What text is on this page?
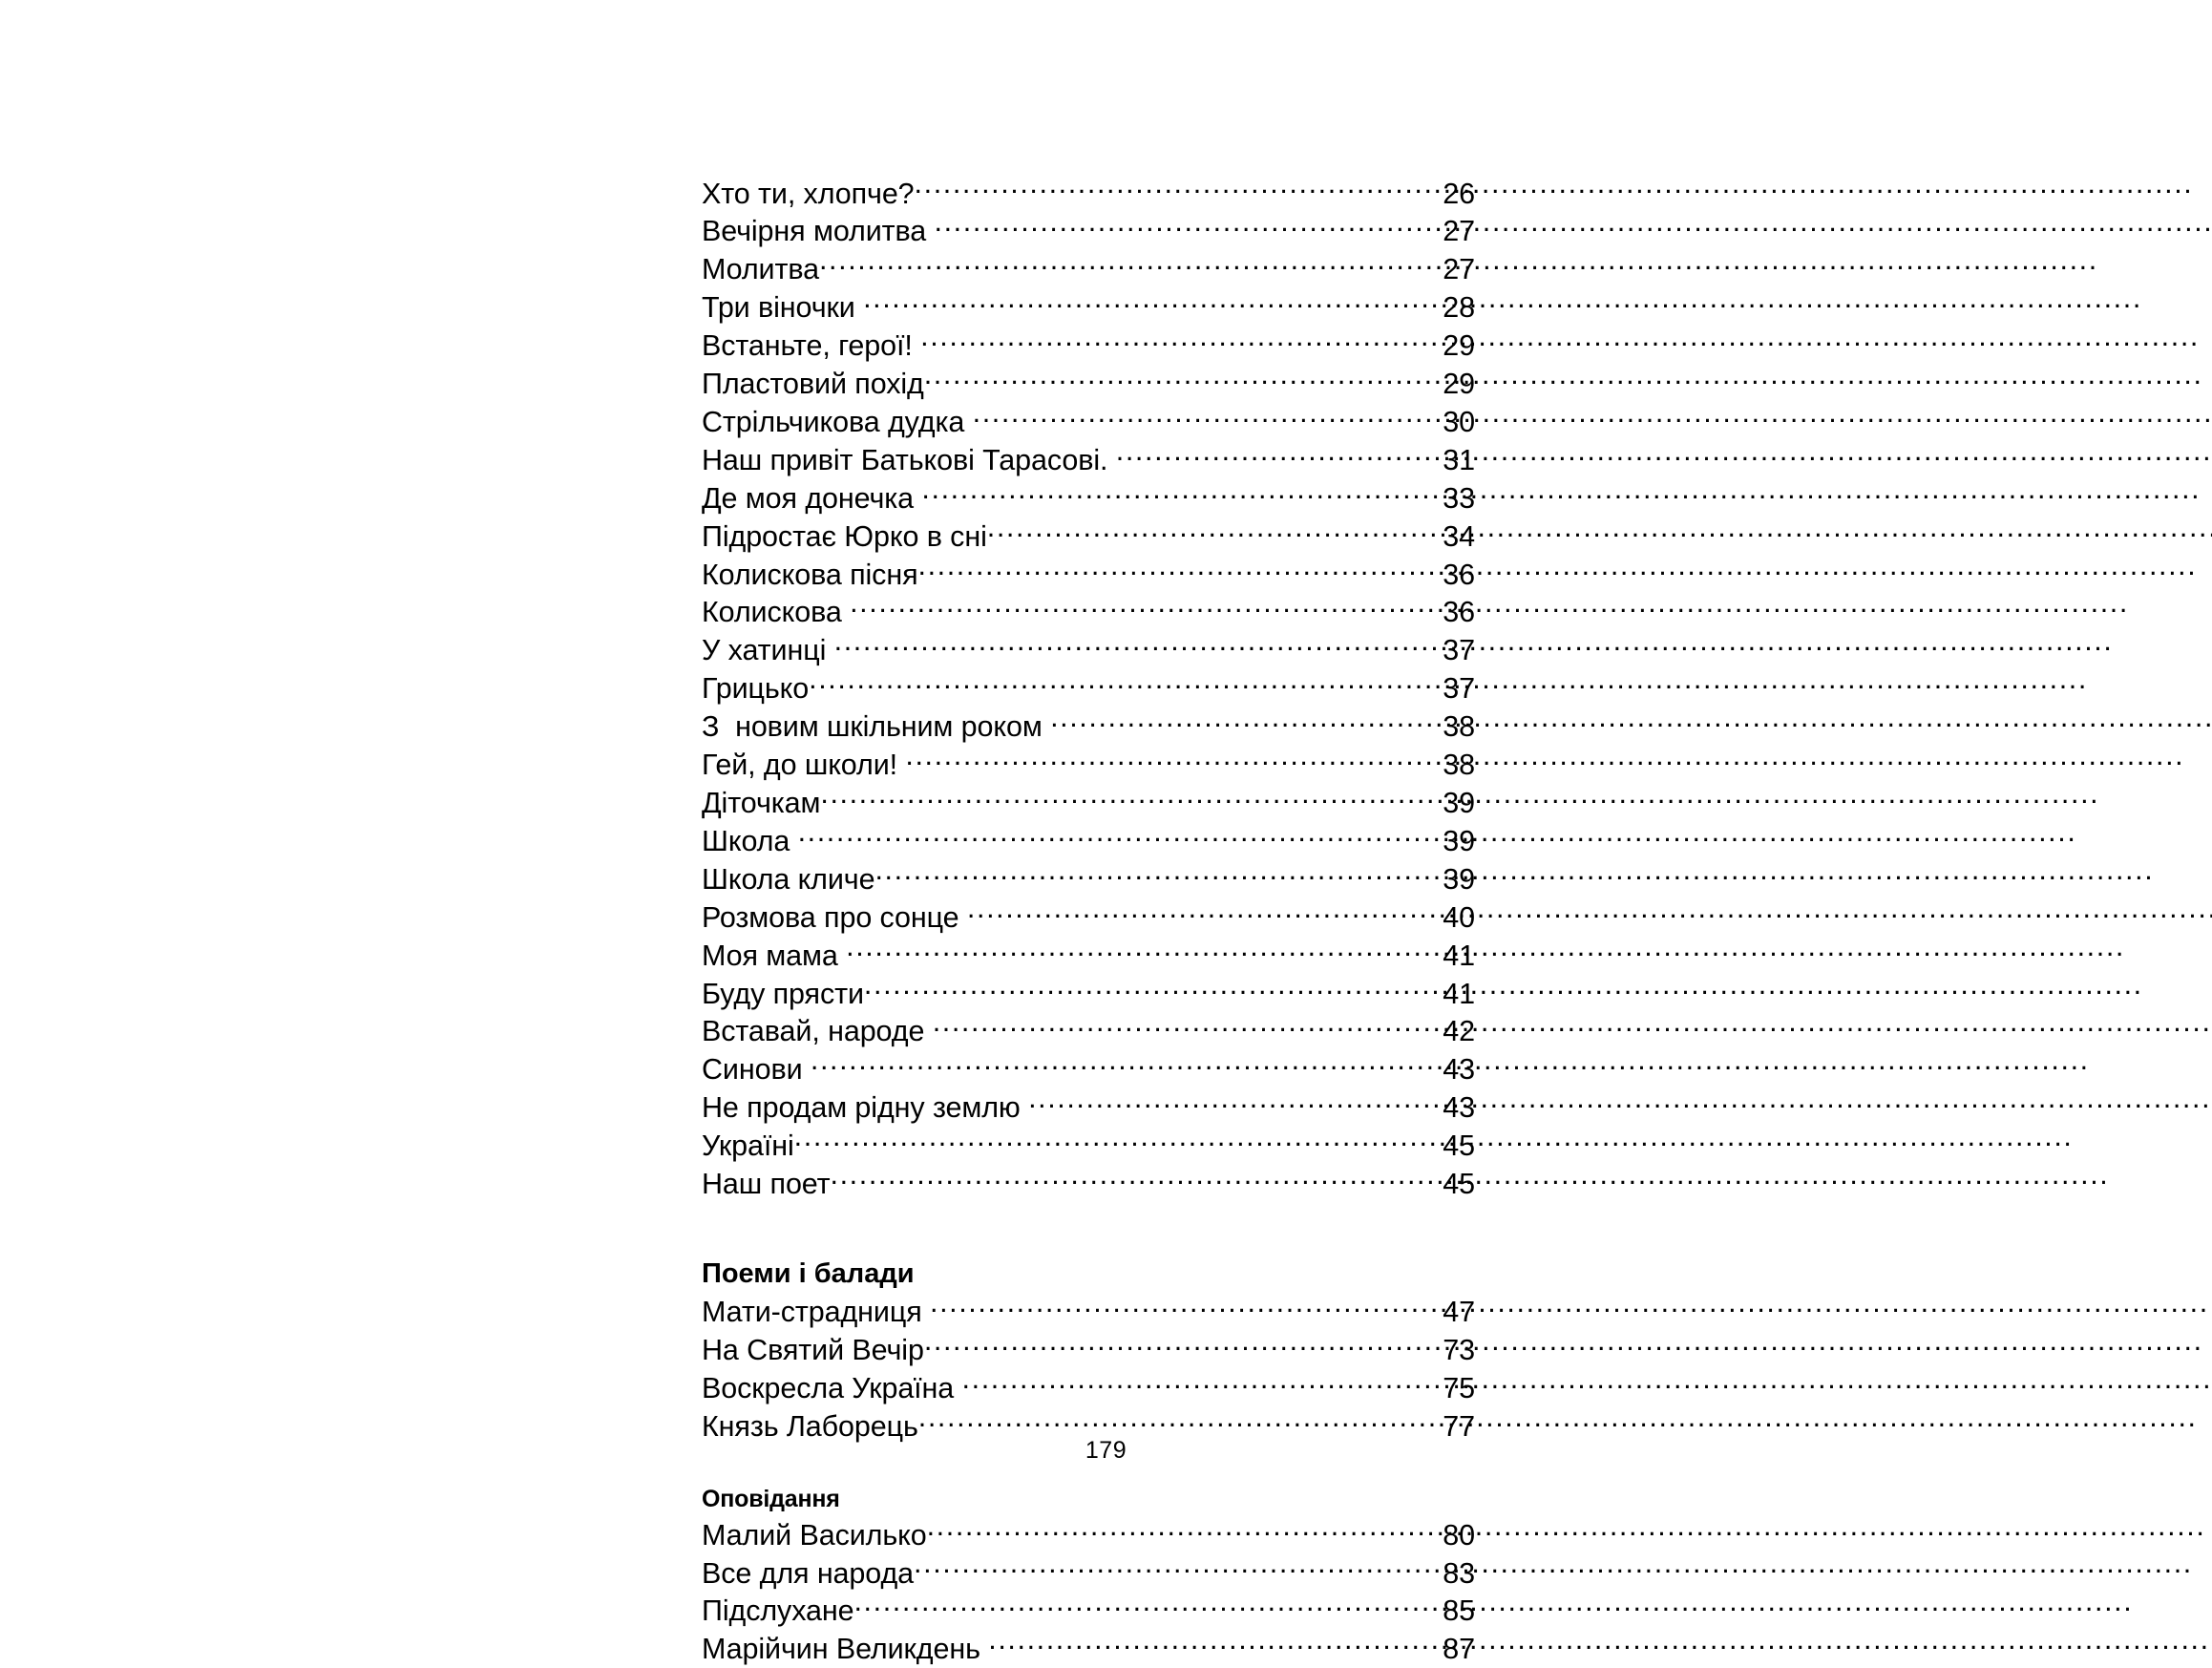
Хто ти, хлопче? .....	26
Вечірня молитва .....	27
Молитва .....	27
Три віночки .....	28
Встаньте, герої! .....	29
Пластовий похід .....	29
Стрільчикова дудка .....	30
Наш привіт Батькові Тарасові. .....	31
Де моя донечка .....	33
Підростає Юрко в сні .....	34
Колискова пісня .....	36
Колискова .....	36
У хатинці .....	37
Грицько .....	37
З  новим шкільним роком .....	38
Гей, до школи! .....	38
Діточкам .....	39
Школа .....	39
Школа кличе .....	39
Розмова про сонце .....	40
Моя мама .....	41
Буду прясти .....	41
Вставай, народе .....	42
Синови .....	43
Не продам рідну землю .....	43
Україні .....	45
Наш поет .....	45
Поеми і балади
Мати-страдниця .....	47
На Святий Вечір .....	73
Воскресла Україна .....	75
Князь Лаборець .....	77
Оповідання
Малий Василько .....	80
Все для народа .....	83
Підслухане .....	85
Марійчин Великдень .....	87
179
